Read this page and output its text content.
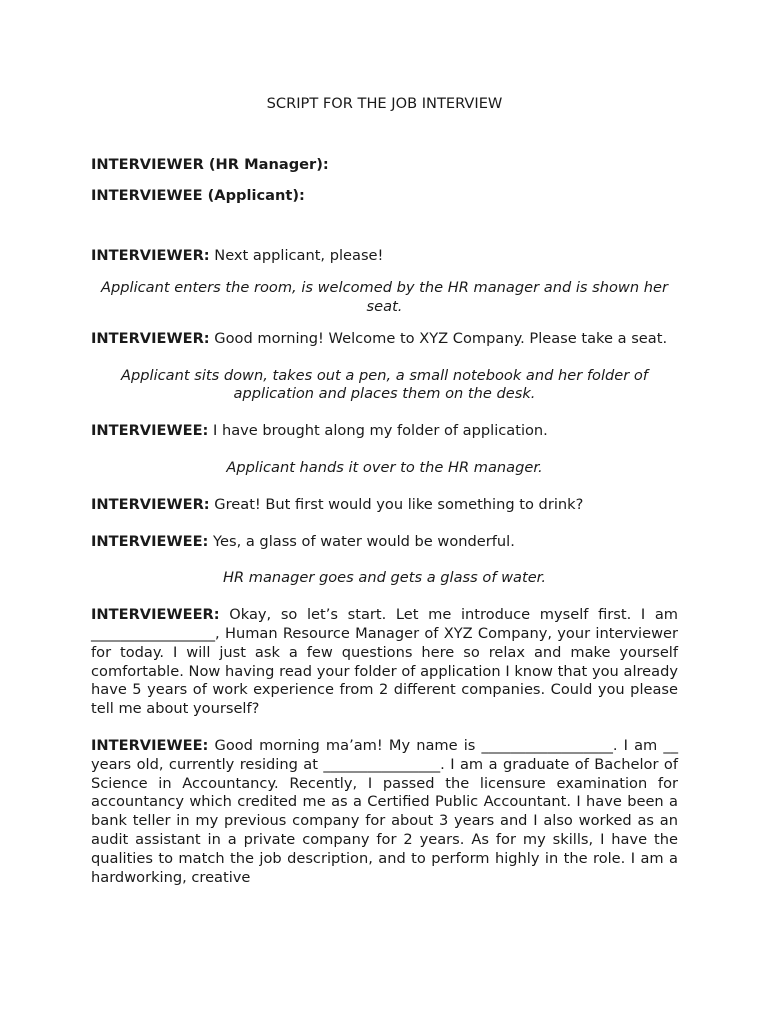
SCRIPT FOR THE JOB INTERVIEW

INTERVIEWER (HR Manager):

INTERVIEWEE (Applicant):

INTERVIEWER: Next applicant, please!

Applicant enters the room, is welcomed by the HR manager and is shown her seat.

INTERVIEWER: Good morning! Welcome to XYZ Company. Please take a seat.

Applicant sits down, takes out a pen, a small notebook and her folder of application and places them on the desk.

INTERVIEWEE: I have brought along my folder of application.

Applicant hands it over to the HR manager.

INTERVIEWER: Great! But first would you like something to drink?

INTERVIEWEE: Yes, a glass of water would be wonderful.

HR manager goes and gets a glass of water.

INTERVIEWEER: Okay, so let’s start. Let me introduce myself first. I am _________________, Human Resource Manager of XYZ Company, your interviewer for today. I will just ask a few questions here so relax and make yourself comfortable. Now having read your folder of application I know that you already have 5 years of work experience from 2 different companies. Could you please tell me about yourself?

INTERVIEWEE: Good morning ma’am! My name is __________________. I am __ years old, currently residing at ________________. I am a graduate of Bachelor of Science in Accountancy. Recently, I passed the licensure examination for accountancy which credited me as a Certified Public Accountant. I have been a bank teller in my previous company for about 3 years and I also worked as an audit assistant in a private company for 2 years. As for my skills, I have the qualities to match the job description, and to perform highly in the role. I am a hardworking, creative
